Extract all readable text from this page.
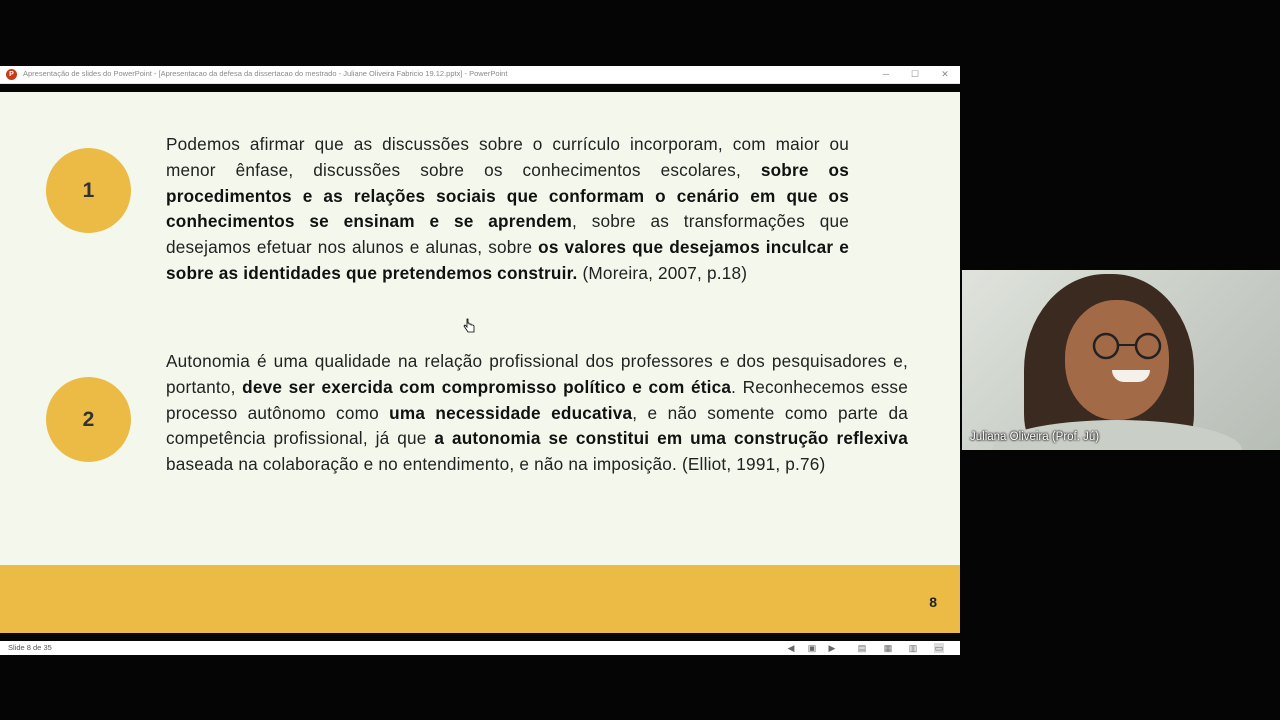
P	Apresentação de slides do PowerPoint - [Apresentacao da defesa da dissertacao do mestrado - Juliane Oliveira Fabricio 19.12.pptx] - PowerPoint	─	☐	✕
1
Podemos afirmar que as discussões sobre o currículo incorporam, com maior ou menor ênfase, discussões sobre os conhecimentos escolares, sobre os procedimentos e as relações sociais que conformam o cenário em que os conhecimentos se ensinam e se aprendem, sobre as transformações que desejamos efetuar nos alunos e alunas, sobre os valores que desejamos inculcar e sobre as identidades que pretendemos construir. (Moreira, 2007, p.18)
2
Autonomia é uma qualidade na relação profissional dos professores e dos pesquisadores e, portanto, deve ser exercida com compromisso político e com ética. Reconhecemos esse processo autônomo como uma necessidade educativa, e não somente como parte da competência profissional, já que a autonomia se constitui em uma construção reflexiva baseada na colaboração e no entendimento, e não na imposição. (Elliot, 1991, p.76)
8
Slide 8 de 35	◀ ▣ ▶ ▤ ▦ ▥ ▭
Juliana Oliveira (Prof. Jú)
